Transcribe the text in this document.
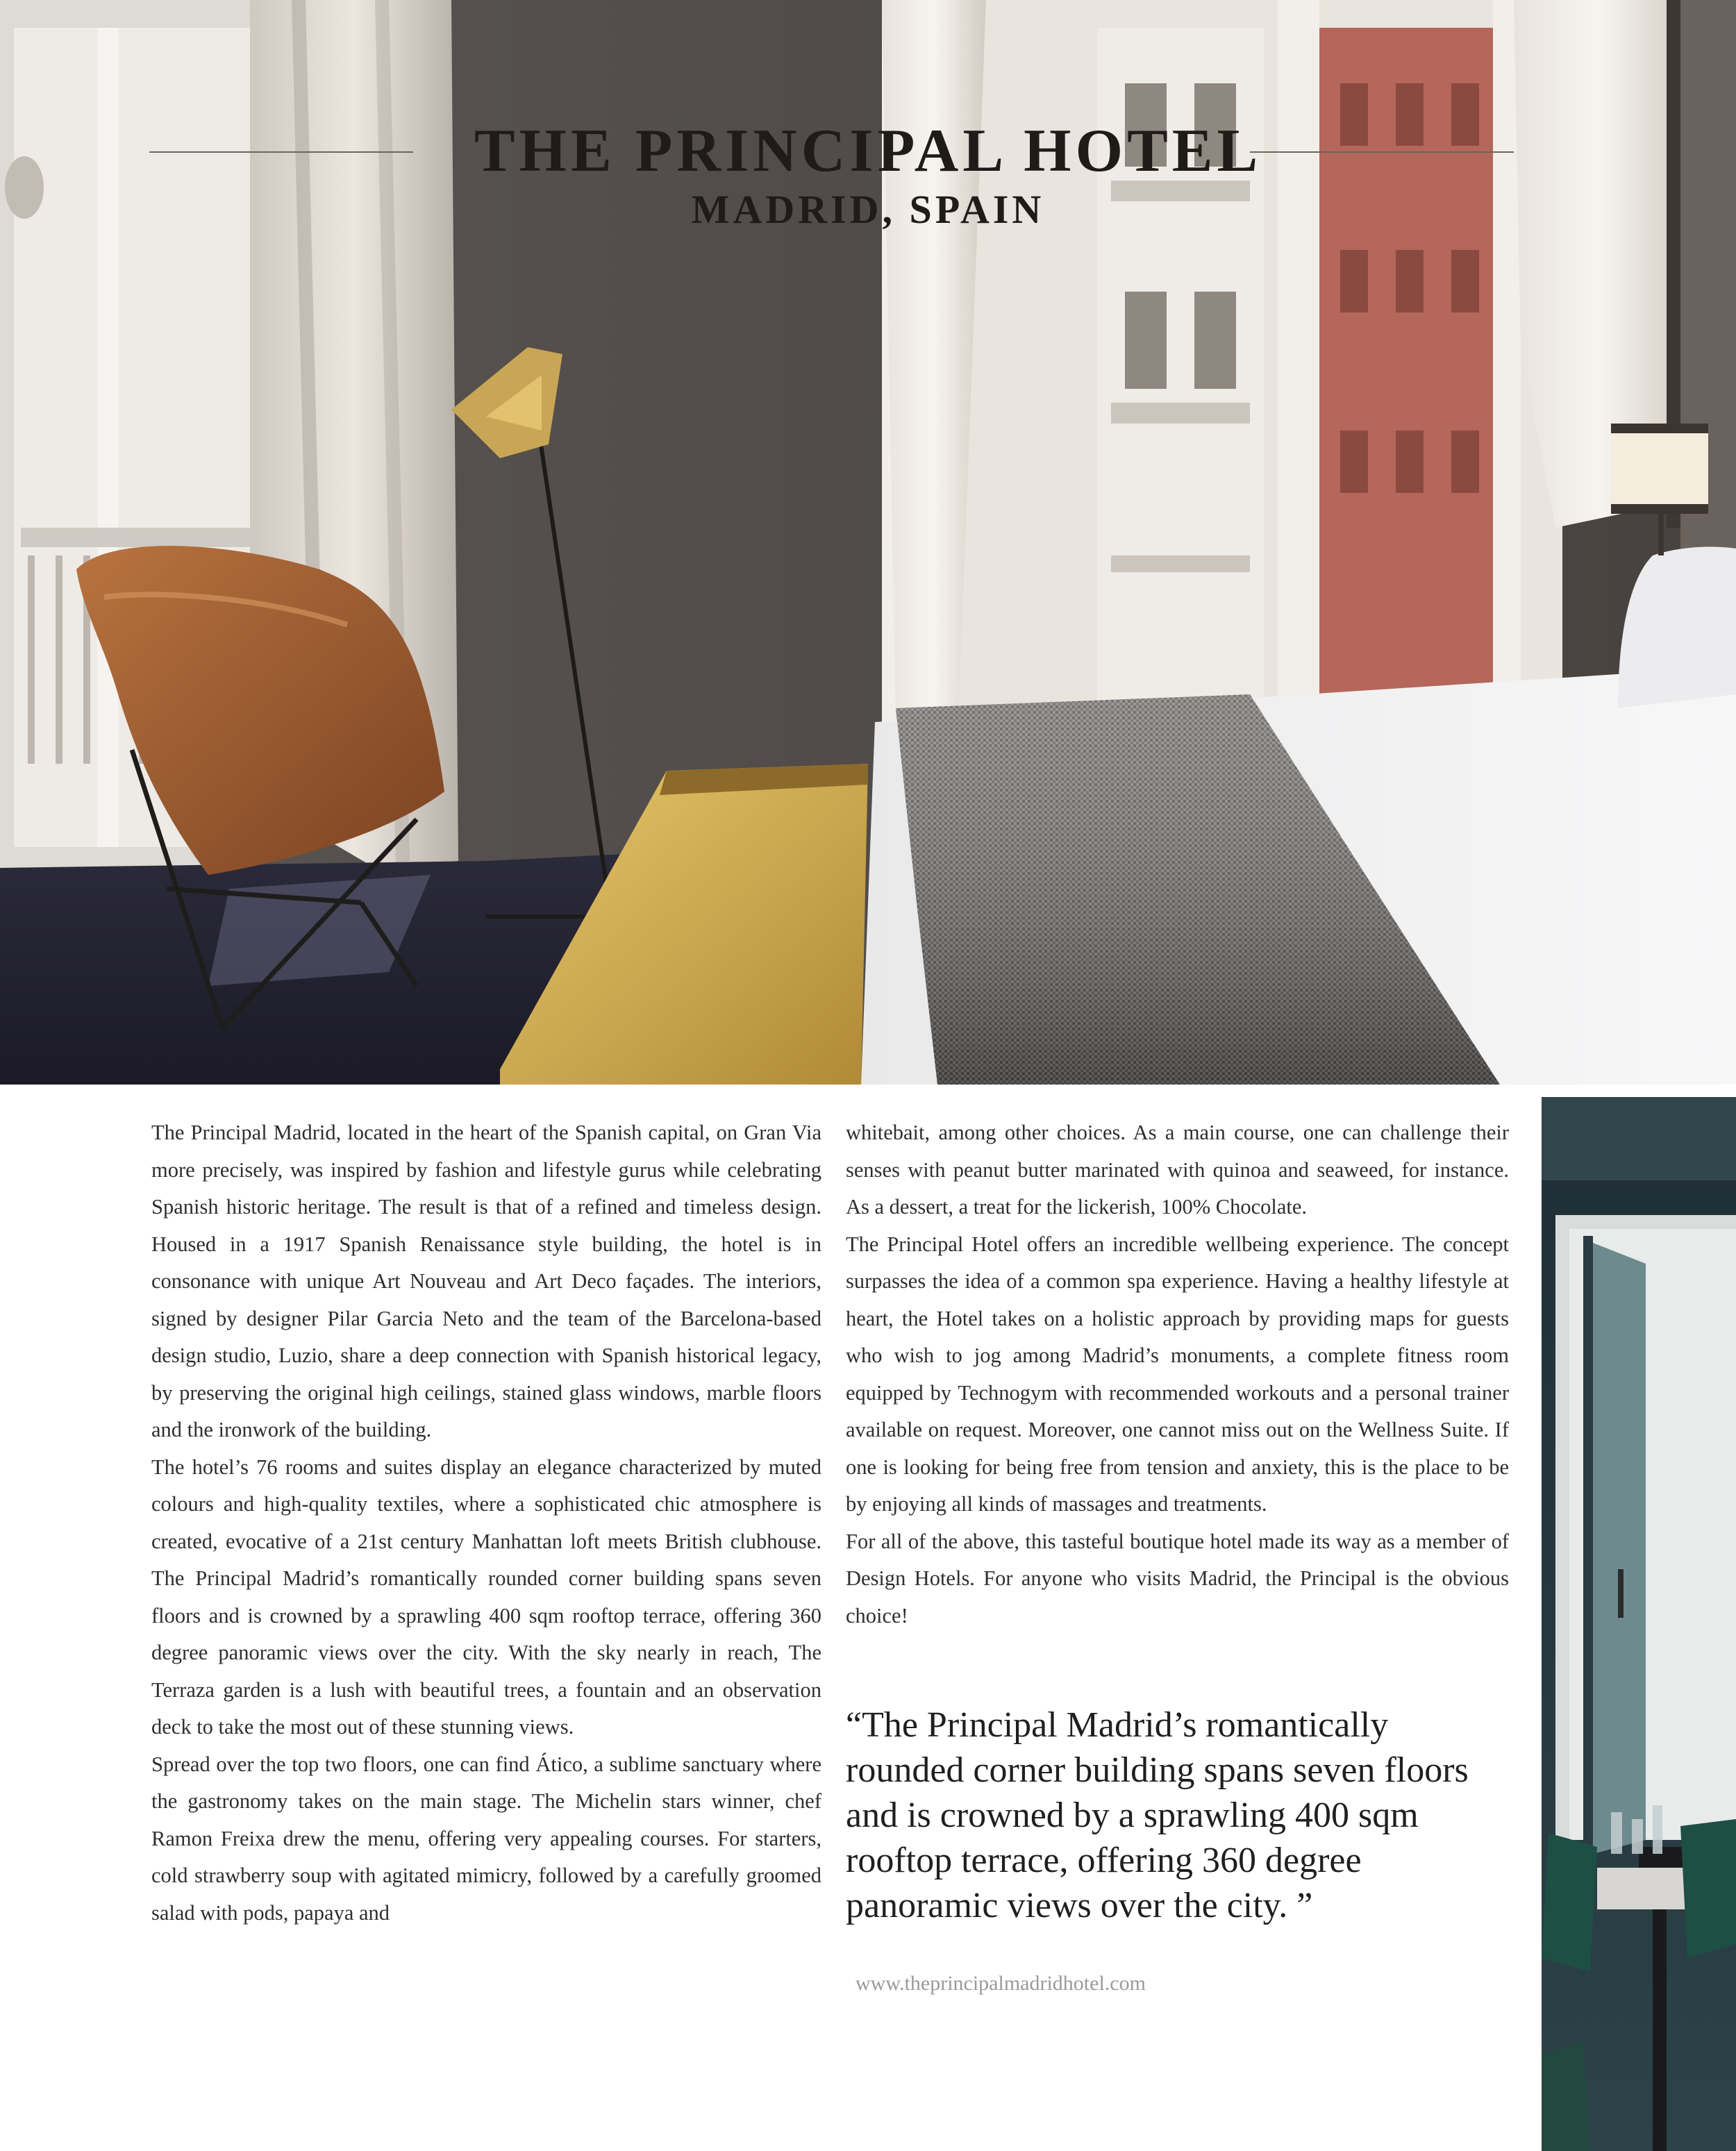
THE PRINCIPAL HOTEL
MADRID, SPAIN

The Principal Madrid, located in the heart of the Spanish capital, on Gran Via more precisely, was inspired by fashion and lifestyle gurus while celebrating Spanish historic heritage. The result is that of a refined and timeless design. Housed in a 1917 Spanish Renaissance style building, the hotel is in consonance with unique Art Nouveau and Art Deco façades. The interiors, signed by designer Pilar Garcia Neto and the team of the Barcelona-based design studio, Luzio, share a deep connection with Spanish historical legacy, by preserving the original high ceilings, stained glass windows, marble floors and the ironwork of the building.

The hotel’s 76 rooms and suites display an elegance characterized by muted colours and high-quality textiles, where a sophisticated chic atmosphere is created, evocative of a 21st century Manhattan loft meets British clubhouse. The Principal Madrid’s romantically rounded corner building spans seven floors and is crowned by a sprawling 400 sqm rooftop terrace, offering 360 degree panoramic views over the city. With the sky nearly in reach, The Terraza garden is a lush with beautiful trees, a fountain and an observation deck to take the most out of these stunning views.

Spread over the top two floors, one can find Ático, a sublime sanctuary where the gastronomy takes on the main stage. The Michelin stars winner, chef Ramon Freixa drew the menu, offering very appealing courses. For starters, cold strawberry soup with agitated mimicry, followed by a carefully groomed salad with pods, papaya and

whitebait, among other choices. As a main course, one can challenge their senses with peanut butter marinated with quinoa and seaweed, for instance. As a dessert, a treat for the lickerish, 100% Chocolate.

The Principal Hotel offers an incredible wellbeing experience. The concept surpasses the idea of a common spa experience. Having a healthy lifestyle at heart, the Hotel takes on a holistic approach by providing maps for guests who wish to jog among Madrid’s monuments, a complete fitness room equipped by Technogym with recommended workouts and a personal trainer available on request. Moreover, one cannot miss out on the Wellness Suite. If one is looking for being free from tension and anxiety, this is the place to be by enjoying all kinds of massages and treatments.

For all of the above, this tasteful boutique hotel made its way as a member of Design Hotels. For anyone who visits Madrid, the Principal is the obvious choice!

“The Principal Madrid’s romantically rounded corner building spans seven floors and is crowned by a sprawling 400 sqm rooftop terrace, offering 360 degree panoramic views over the city. ”
www.theprincipalmadridhotel.com
